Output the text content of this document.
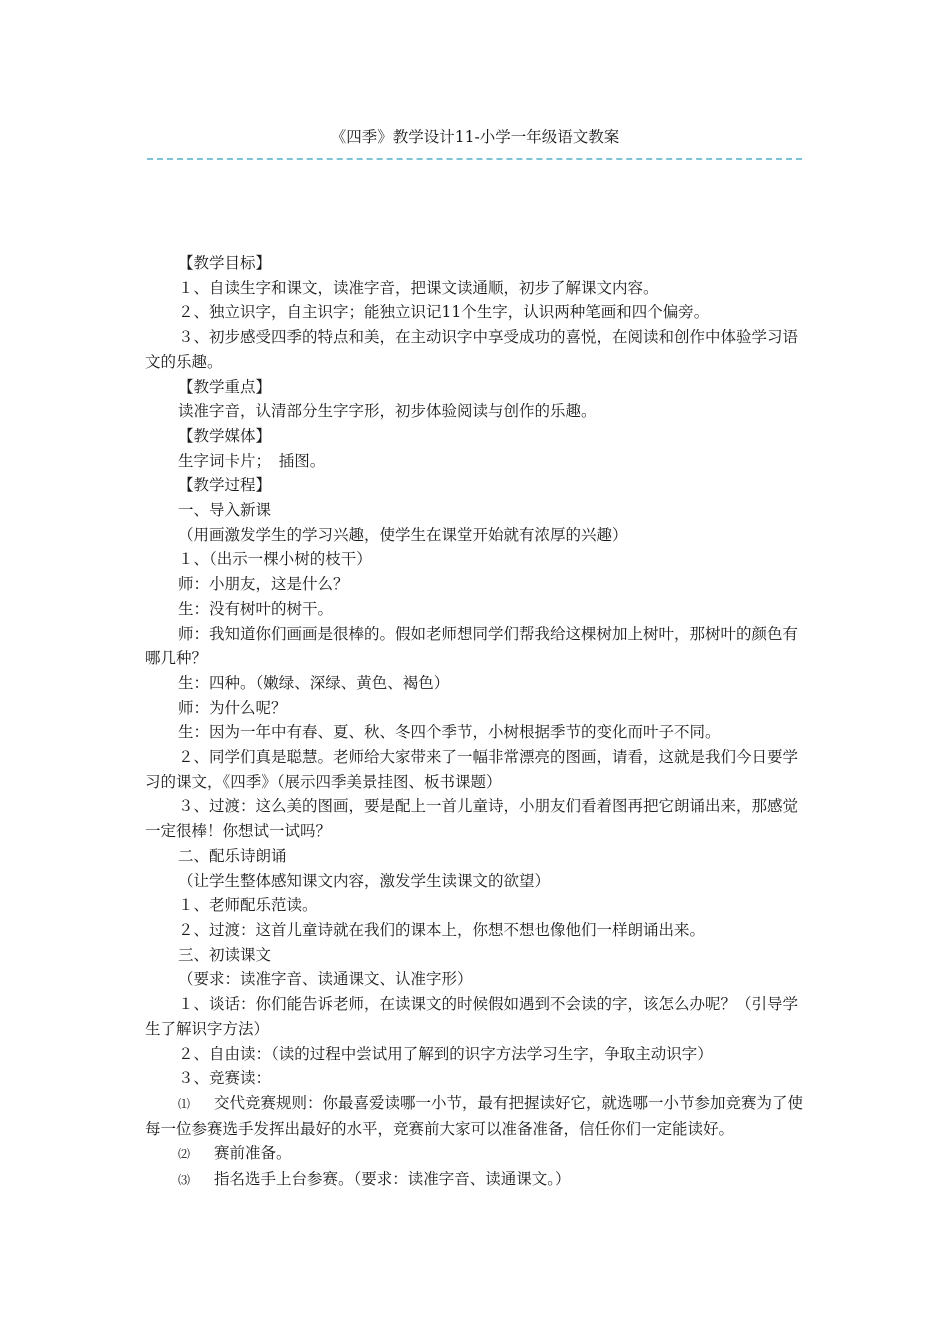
《四季》教学设计11-小学一年级语文教案

【教学目标】

１、自读生字和课文，读准字音，把课文读通顺，初步了解课文内容。

２、独立识字，自主识字；能独立识记11个生字，认识两种笔画和四个偏旁。

３、初步感受四季的特点和美，在主动识字中享受成功的喜悦，在阅读和创作中体验学习语文的乐趣。

【教学重点】

读准字音，认清部分生字字形，初步体验阅读与创作的乐趣。

【教学媒体】

生字词卡片；　插图。

【教学过程】

一、导入新课

（用画激发学生的学习兴趣，使学生在课堂开始就有浓厚的兴趣）

１、（出示一棵小树的枝干）

师：小朋友，这是什么？

生：没有树叶的树干。

师：我知道你们画画是很棒的。假如老师想同学们帮我给这棵树加上树叶，那树叶的颜色有哪几种？

生：四种。（嫩绿、深绿、黄色、褐色）

师：为什么呢？

生：因为一年中有春、夏、秋、冬四个季节，小树根据季节的变化而叶子不同。

２、同学们真是聪慧。老师给大家带来了一幅非常漂亮的图画，请看，这就是我们今日要学习的课文，《四季》（展示四季美景挂图、板书课题）

３、过渡：这么美的图画，要是配上一首儿童诗，小朋友们看着图再把它朗诵出来，那感觉一定很棒！你想试一试吗？

二、配乐诗朗诵

（让学生整体感知课文内容，激发学生读课文的欲望）

１、老师配乐范读。

２、过渡：这首儿童诗就在我们的课本上，你想不想也像他们一样朗诵出来。

三、初读课文

（要求：读准字音、读通课文、认准字形）

１、谈话：你们能告诉老师，在读课文的时候假如遇到不会读的字，该怎么办呢？（引导学生了解识字方法）

２、自由读：（读的过程中尝试用了解到的识字方法学习生字，争取主动识字）

３、竞赛读：

⑴ 交代竞赛规则：你最喜爱读哪一小节，最有把握读好它，就选哪一小节参加竞赛为了使每一位参赛选手发挥出最好的水平，竞赛前大家可以准备准备，信任你们一定能读好。

⑵ 赛前准备。

⑶ 指名选手上台参赛。（要求：读准字音、读通课文。）
